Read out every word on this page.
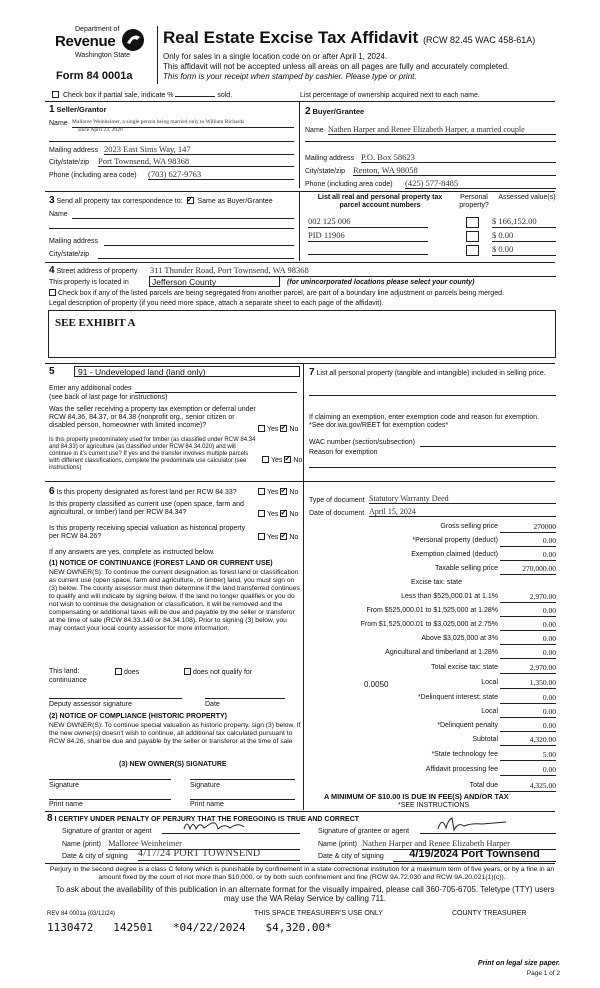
Department of
Revenue
Washington State
Form 84 0001a
Real Estate Excise Tax Affidavit (RCW 82.45 WAC 458-61A)
Only for sales in a single location code on or after April 1, 2024.
This affidavit will not be accepted unless all areas on all pages are fully and accurately completed.
This form is your receipt when stamped by cashier. Please type or print.
Check box if partial sale, indicate %	sold.	List percentage of ownership acquired next to each name.
1 Seller/Grantor
Name Malloree Weinheimer, a single person being married only to William Richards
since April 23, 2020
Mailing address 2023 East Sims Way, 147
City/state/zip Port Townsend, WA 98368
Phone (including area code) (703) 627-9763
2 Buyer/Grantee
Name Nathen Harper and Renee Elizabeth Harper, a married couple
Mailing address P.O. Box 58623
City/state/zip Renton, WA 98058
Phone (including area code) (425) 577-8485
3 Send all property tax correspondence to: ✓ Same as Buyer/Grantee
Name
Mailing address
City/state/zip
List all real and personal property tax parcel account numbers
Personal property?
Assessed value(s)
002 125 006	$ 166,152.00
PID 11906	$ 0.00
$ 0.00
4 Street address of property 311 Thunder Road, Port Townsend, WA 98368
This property is located in	Jefferson County	(for unincorporated locations please select your county)
Check box if any of the listed parcels are being segregated from another parcel, are part of a boundary line adjustment or parcels being merged.
Legal description of property (if you need more space, attach a separate sheet to each page of the affidavit).
SEE EXHIBIT A
5	91 - Undeveloped land (land only)
Enter any additional codes
(see back of last page for instructions)
Was the seller receiving a property tax exemption or deferral under RCW 84.36, 84.37, or 84.38 (nonprofit org., senior citizen or disabled person, homeowner with limited income)?
Yes ✓ No
Is this property predominately used for timber (as classified under RCW 84.34 and 84.33) or agriculture (as classified under RCW 84.34.020) and will continue in it's current use? If yes and the transfer involves multiple parcels with different classifications, complete the predominate use calculator (see instructions)
Yes ✓ No
7 List all personal property (tangible and intangible) included in selling price.
If claiming an exemption, enter exemption code and reason for exemption. *See dor.wa.gov/REET for exemption codes*
WAC number (section/subsection)
Reason for exemption
6 Is this property designated as forest land per RCW 84.33?	Yes ✓ No
Is this property classified as current use (open space, farm and agricultural, or timber) land per RCW 84.34?	Yes ✓ No
Is this property receiving special valuation as historical property per RCW 84.26?	Yes ✓ No
If any answers are yes, complete as instructed below.
(1) NOTICE OF CONTINUANCE (FOREST LAND OR CURRENT USE)
NEW OWNER(S): To continue the current designation as forest land or classification as current use (open space, farm and agriculture, or timber) land, you must sign on (3) below. The county assessor must then determine if the land transferred continues to qualify and will indicate by signing below. If the land no longer qualifies or you do not wish to continue the designation or classification, it will be removed and the compensating or additional taxes will be due and payable by the seller or transferor at the time of sale (RCW 84.33.140 or 84.34.108). Prior to signing (3) below, you may contact your local county assessor for more information.
This land:	does	does not qualify for
continuance
Deputy assessor signature	Date
(2) NOTICE OF COMPLIANCE (HISTORIC PROPERTY)
NEW OWNER(S): To continue special valuation as historic property, sign (3) below. If the new owner(s) doesn't wish to continue, all additional tax calculated pursuant to RCW 84.26, shall be due and payable by the seller or transferor at the time of sale
(3) NEW OWNER(S) SIGNATURE
Signature	Signature
Print name	Print name
Type of document Statutory Warranty Deed
Date of document April 15, 2024
Gross selling price	270000
*Personal property (deduct)	0.00
Exemption claimed (deduct)	0.00
Taxable selling price	270,000.00
Excise tax: state
Less than $525,000.01 at 1.1%	2,970.00
From $525,000.01 to $1,525,000 at 1.28%	0.00
From $1,525,000.01 to $3,025,000 at 2.75%	0.00
Above $3,025,000 at 3%	0.00
Agricultural and timberland at 1.28%	0.00
Total excise tax: state	2,970.00
0.0050	Local	1,350.00
*Delinquent interest: state	0.00
Local	0.00
*Delinquent penalty	0.00
Subtotal	4,320.00
*State technology fee	5.00
Affidavit processing fee	0.00
Total due	4,325.00
A MINIMUM OF $10.00 IS DUE IN FEE(S) AND/OR TAX
*SEE INSTRUCTIONS
8 I CERTIFY UNDER PENALTY OF PERJURY THAT THE FOREGOING IS TRUE AND CORRECT
Signature of grantor or agent	Signature of grantee or agent
Name (print) Malloree Weinheimer	Name (print) Nathen Harper and Renee Elizabeth Harper
Date & city of signing 4/17/24 PORT TOWNSEND	Date & city of signing	4/19/2024 Port Townsend
Perjury in the second degree is a class C felony which is punishable by confinement in a state correctional institution for a maximum term of five years, or by a fine in an amount fixed by the court of not more than $10,000, or by both such confinement and fine (RCW 9A.72.030 and RCW 9A.20.021(1)(c)).
To ask about the availability of this publication in an alternate format for the visually impaired, please call 360-705-6705. Teletype (TTY) users may use the WA Relay Service by calling 711.
REV 84 0001a (03/12/24)	THIS SPACE TREASURER'S USE ONLY	COUNTY TREASURER
1130472   142501   *04/22/2024   $4,320.00*
Print on legal size paper.
Page 1 of 2
